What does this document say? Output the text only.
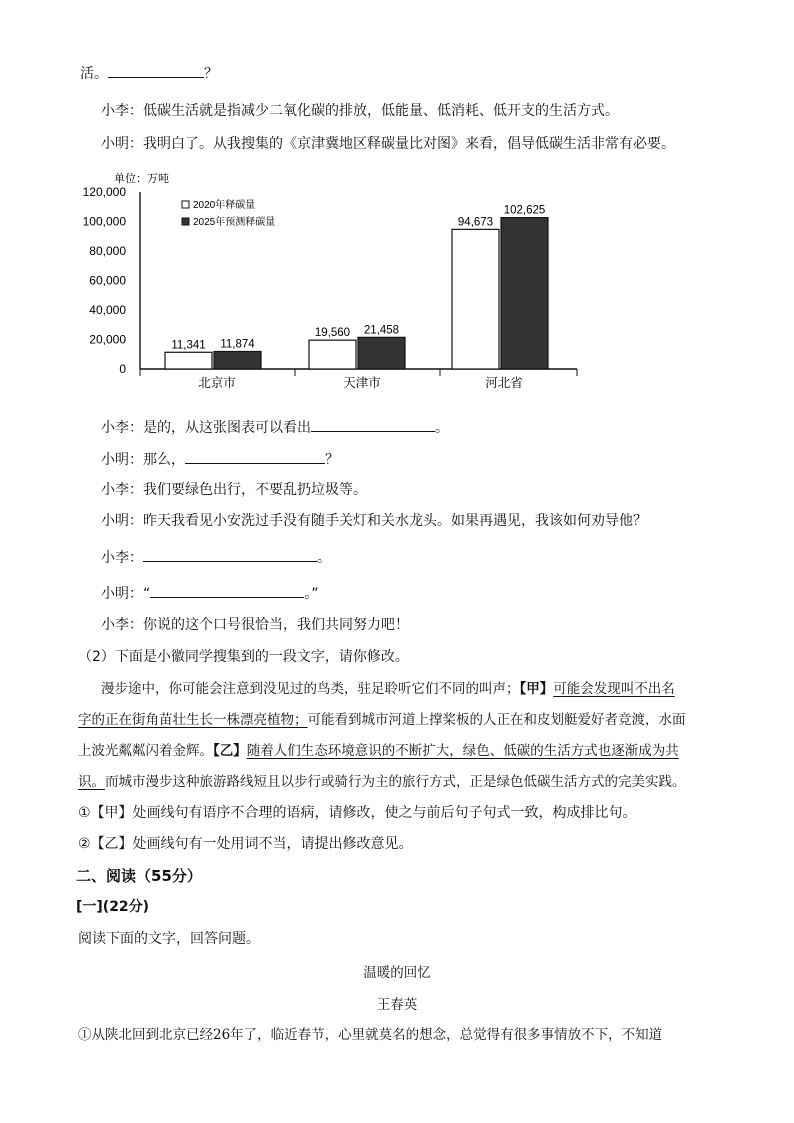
活。	？
小李：低碳生活就是指减少二氧化碳的排放，低能量、低消耗、低开支的生活方式。
小明：我明白了。从我搜集的《京津冀地区释碳量比对图》来看，倡导低碳生活非常有必要。
单位：万吨
2020年释碳量
2025年预测释碳量
120,000
100,000
80,000
60,000
40,000
20,000
0
11,341 11,874
19,560 21,458
94,673
102,625
北京市	天津市	河北省
小李：是的，从这张图表可以看出	。
小明：那么，	？
小李：我们要绿色出行，不要乱扔垃圾等。
小明：昨天我看见小安洗过手没有随手关灯和关水龙头。如果再遇见，我该如何劝导他？
小李：	。
小明：“	。”
小李：你说的这个口号很恰当，我们共同努力吧！
（2）下面是小徽同学搜集到的一段文字，请你修改。
漫步途中，你可能会注意到没见过的鸟类，驻足聆听它们不同的叫声；【甲】可能会发现叫不出名
字的正在街角苗壮生长一株漂亮植物；可能看到城市河道上撑桨板的人正在和皮划艇爱好者竞渡，水面
上波光粼粼闪着金辉。【乙】随着人们生态环境意识的不断扩大，绿色、低碳的生活方式也逐渐成为共
识。而城市漫步这种旅游路线短且以步行或骑行为主的旅行方式，正是绿色低碳生活方式的完美实践。
①【甲】处画线句有语序不合理的语病，请修改，使之与前后句子句式一致，构成排比句。
②【乙】处画线句有一处用词不当，请提出修改意见。
二、阅读（55分）
[一](22分)
阅读下面的文字，回答问题。
温暖的回忆
王春英
①从陕北回到北京已经26年了，临近春节，心里就莫名的想念，总觉得有很多事情放不下，不知道
